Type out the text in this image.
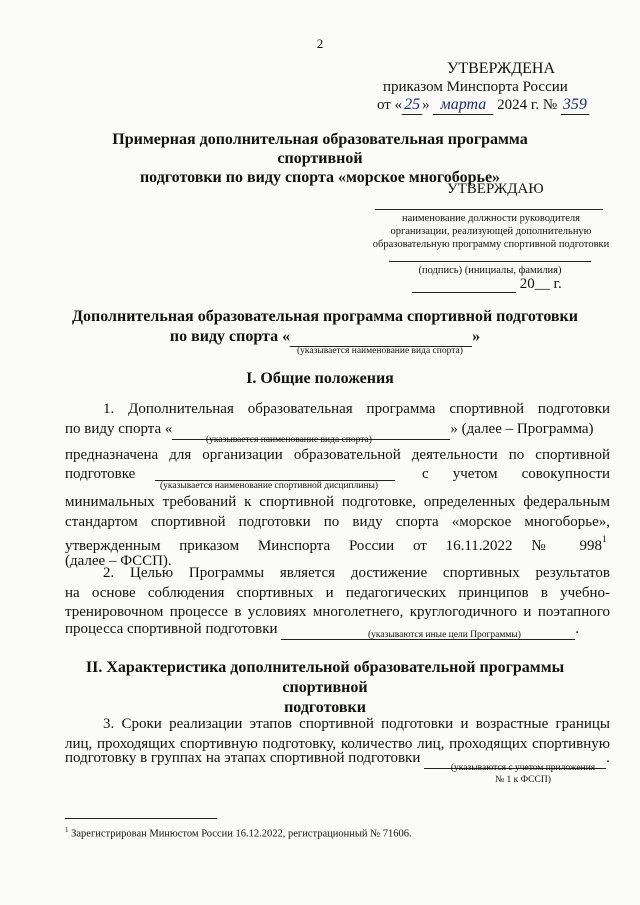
2
УТВЕРЖДЕНА
приказом Минспорта России
от « 25 » марта 2024 г. № 359
Примерная дополнительная образовательная программа спортивной
подготовки по виду спорта «морское многоборье»
УТВЕРЖДАЮ
наименование должности руководителя
организации, реализующей дополнительную
образовательную программу спортивной подготовки
(подпись) (инициалы, фамилия)
20__ г.
Дополнительная образовательная программа спортивной подготовки
по виду спорта «	»
(указывается наименование вида спорта)
I. Общие положения
1. Дополнительная образовательная программа спортивной подготовки
по виду спорта «	» (далее – Программа)
(указывается наименование вида спорта)
предназначена для организации образовательной деятельности по спортивной
подготовке	с учетом совокупности
(указывается наименование спортивной дисциплины)
минимальных требований к спортивной подготовке, определенных федеральным
стандартом спортивной подготовки по виду спорта «морское многоборье»,
утвержденным приказом Минспорта России от 16.11.2022 № $998^1$
(далее – ФССП).
2. Целью Программы является достижение спортивных результатов
на основе соблюдения спортивных и педагогических принципов в учебно-
тренировочном процессе в условиях многолетнего, круглогодичного и поэтапного
процесса спортивной подготовки	.
(указываются иные цели Программы)
II. Характеристика дополнительной образовательной программы спортивной
подготовки
3. Сроки реализации этапов спортивной подготовки и возрастные границы
лиц, проходящих спортивную подготовку, количество лиц, проходящих спортивную
подготовку в группах на этапах спортивной подготовки	.
(указываются с учетом приложения
№ 1 к ФССП)
$^1$ Зарегистрирован Минюстом России 16.12.2022, регистрационный № 71606.
